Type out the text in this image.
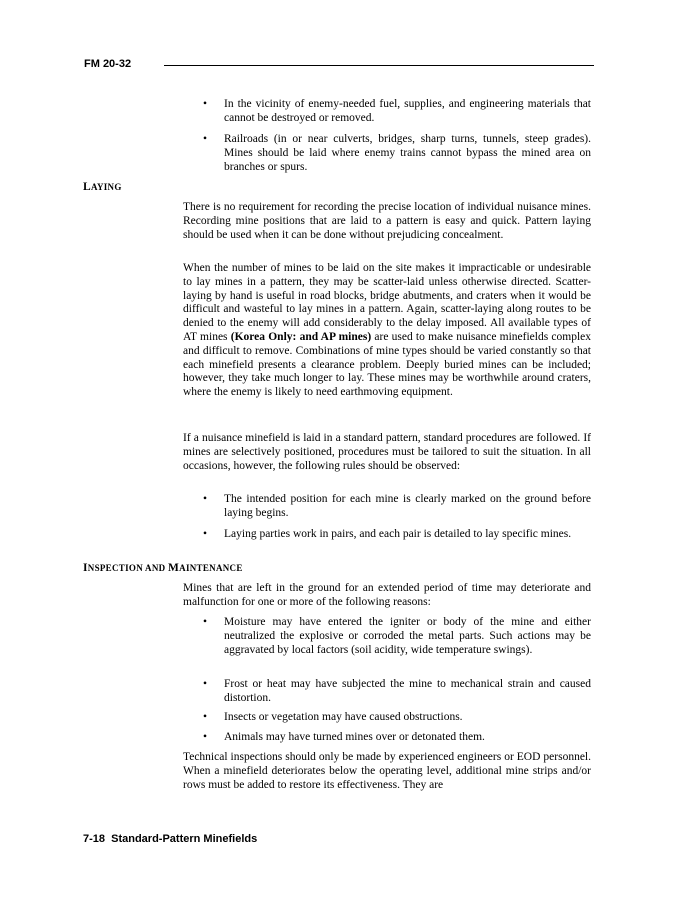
FM 20-32
• In the vicinity of enemy-needed fuel, supplies, and engineering materials that cannot be destroyed or removed.
• Railroads (in or near culverts, bridges, sharp turns, tunnels, steep grades). Mines should be laid where enemy trains cannot bypass the mined area on branches or spurs.
LAYING

There is no requirement for recording the precise location of individual nuisance mines. Recording mine positions that are laid to a pattern is easy and quick. Pattern laying should be used when it can be done without prejudicing concealment.

When the number of mines to be laid on the site makes it impracticable or undesirable to lay mines in a pattern, they may be scatter-laid unless otherwise directed. Scatter-laying by hand is useful in road blocks, bridge abutments, and craters when it would be difficult and wasteful to lay mines in a pattern. Again, scatter-laying along routes to be denied to the enemy will add considerably to the delay imposed. All available types of AT mines (Korea Only: and AP mines) are used to make nuisance minefields complex and difficult to remove. Combinations of mine types should be varied constantly so that each minefield presents a clearance problem. Deeply buried mines can be included; however, they take much longer to lay. These mines may be worthwhile around craters, where the enemy is likely to need earthmoving equipment.

If a nuisance minefield is laid in a standard pattern, standard procedures are followed. If mines are selectively positioned, procedures must be tailored to suit the situation. In all occasions, however, the following rules should be observed:

• The intended position for each mine is clearly marked on the ground before laying begins.
• Laying parties work in pairs, and each pair is detailed to lay specific mines.
INSPECTION AND MAINTENANCE

Mines that are left in the ground for an extended period of time may deteriorate and malfunction for one or more of the following reasons:

• Moisture may have entered the igniter or body of the mine and either neutralized the explosive or corroded the metal parts. Such actions may be aggravated by local factors (soil acidity, wide temperature swings).
• Frost or heat may have subjected the mine to mechanical strain and caused distortion.
• Insects or vegetation may have caused obstructions.
• Animals may have turned mines over or detonated them.

Technical inspections should only be made by experienced engineers or EOD personnel. When a minefield deteriorates below the operating level, additional mine strips and/or rows must be added to restore its effectiveness. They are

7-18  Standard-Pattern Minefields
